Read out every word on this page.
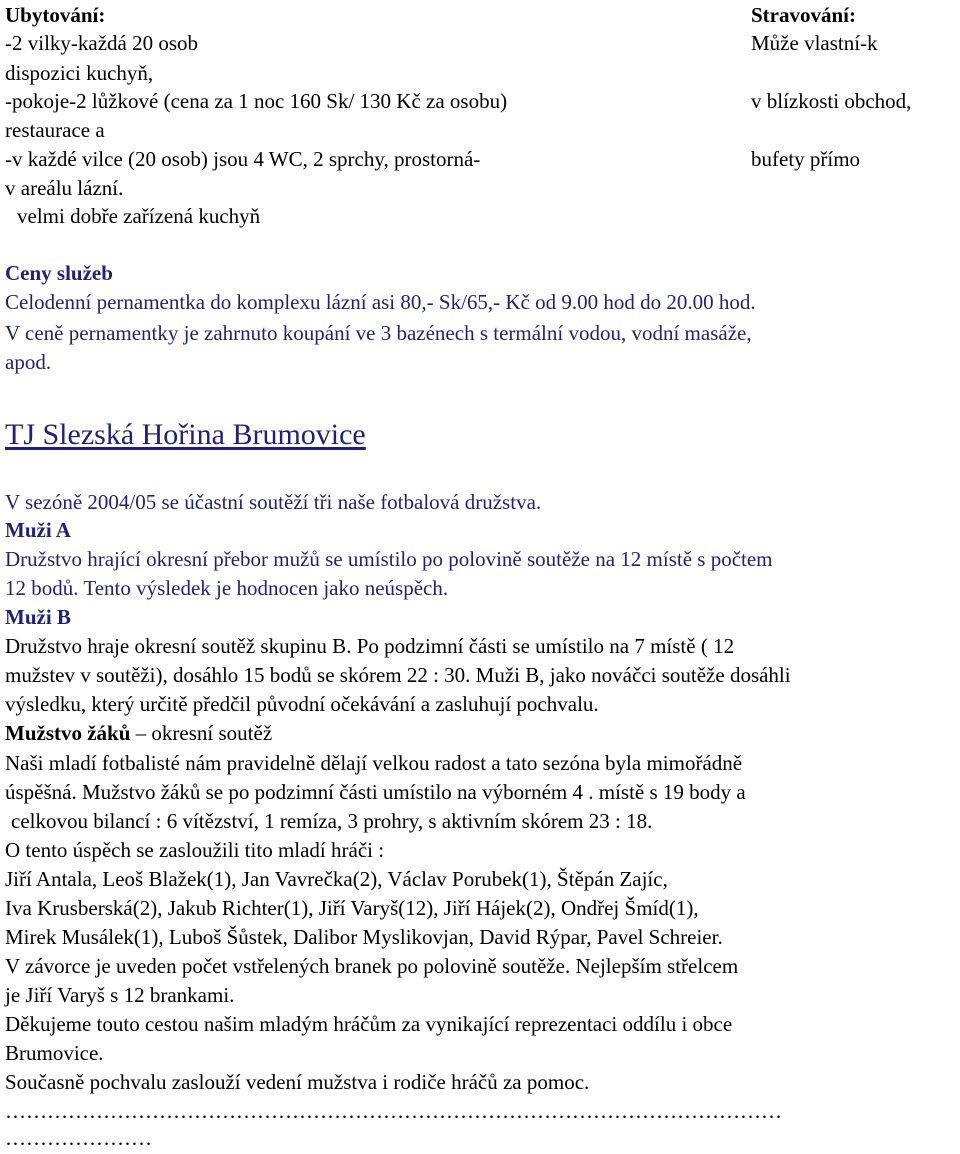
Ubytování:
-2 vilky-každá 20 osob
dispozici kuchyň,
-pokoje-2 lůžkové (cena za 1 noc 160 Sk/ 130 Kč za osobu)
restaurace a
-v každé vilce (20 osob) jsou 4 WC, 2 sprchy, prostorná-
v areálu lázní.
velmi dobře zařízená kuchyň
Stravování:
Může vlastní-k
v blízkosti obchod,
bufety přímo
Ceny služeb
Celodenní pernamentka do komplexu lázní asi 80,- Sk/65,- Kč od 9.00 hod do 20.00 hod.
V ceně pernamentky je zahrnuto koupání ve 3 bazénech s termální vodou, vodní masáže,
apod.
TJ Slezská Hořina Brumovice
V sezóně 2004/05 se účastní soutěží tři naše fotbalová družstva.
Muži A
Družstvo hrající okresní přebor mužů se umístilo po polovině soutěže na 12 místě s počtem
12 bodů. Tento výsledek je hodnocen jako neúspěch.
Muži B
Družstvo hraje okresní soutěž skupinu B. Po podzimní části se umístilo na 7 místě ( 12
mužstev v soutěži), dosáhlo 15 bodů se skórem 22 : 30. Muži B, jako nováčci soutěže dosáhli
výsledku, který určitě předčil původní očekávání a zasluhují pochvalu.
Mužstvo žáků – okresní soutěž
Naši mladí fotbalisté nám pravidelně dělají velkou radost a tato sezóna byla mimořádně
úspěšná. Mužstvo žáků se po podzimní části umístilo na výborném 4 . místě s 19 body a
celkovou bilancí : 6 vítězství, 1 remíza, 3 prohry, s aktivním skórem 23 : 18.
O tento úspěch se zasloužili tito mladí hráči :
Jiří Antala, Leoš Blažek(1), Jan Vavrečka(2), Václav Porubek(1), Štěpán Zajíc,
Iva Krusberská(2), Jakub Richter(1), Jiří Varyš(12), Jiří Hájek(2), Ondřej Šmíd(1),
Mirek Musálek(1), Luboš Šůstek, Dalibor Myslikovjan, David Rýpar, Pavel Schreier.
V závorce je uveden počet vstřelených branek po polovině soutěže. Nejlepším střelcem
je Jiří Varyš s 12 brankami.
Děkujeme touto cestou našim mladým hráčům za vynikající reprezentaci oddílu i obce
Brumovice.
Současně pochvalu zaslouží vedení mužstva i rodiče hráčů za pomoc.
…………………………………………………………………………………………………
…………………
